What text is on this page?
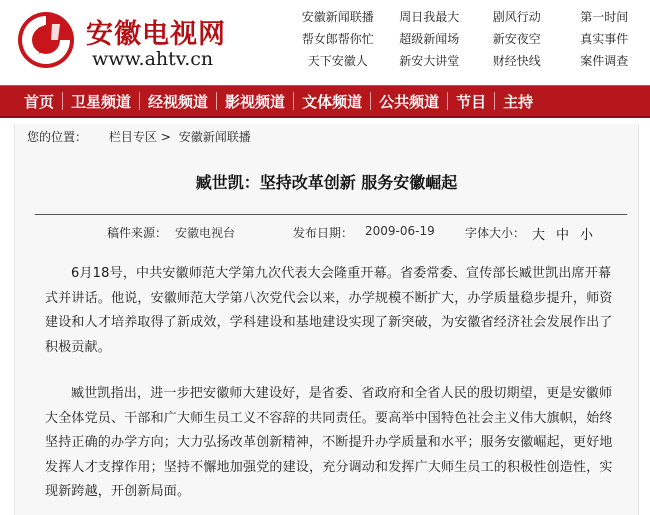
安徽电视网
www.ahtv.cn
安徽新闻联播	周日我最大	剧风行动	第一时间
帮女郎帮你忙	超级新闻场	新安夜空	真实事件
天下安徽人	新安大讲堂	财经快线	案件调查
首页 卫星频道 经视频道 影视频道 文体频道 公共频道 节目 主持
您的位置： 栏目专区 > 安徽新闻联播
臧世凯：坚持改革创新 服务安徽崛起
稿件来源： 安徽电视台	发布日期： 2009-06-19	字体大小： 大 中 小
6月18号，中共安徽师范大学第九次代表大会隆重开幕。省委常委、宣传部长臧世凯出席开幕式并讲话。他说，安徽师范大学第八次党代会以来，办学规模不断扩大，办学质量稳步提升，师资建设和人才培养取得了新成效，学科建设和基地建设实现了新突破，为安徽省经济社会发展作出了积极贡献。
臧世凯指出，进一步把安徽师大建设好，是省委、省政府和全省人民的殷切期望，更是安徽师大全体党员、干部和广大师生员工义不容辞的共同责任。要高举中国特色社会主义伟大旗帜，始终坚持正确的办学方向；大力弘扬改革创新精神，不断提升办学质量和水平；服务安徽崛起，更好地发挥人才支撑作用；坚持不懈地加强党的建设，充分调动和发挥广大师生员工的积极性创造性，实现新跨越，开创新局面。
